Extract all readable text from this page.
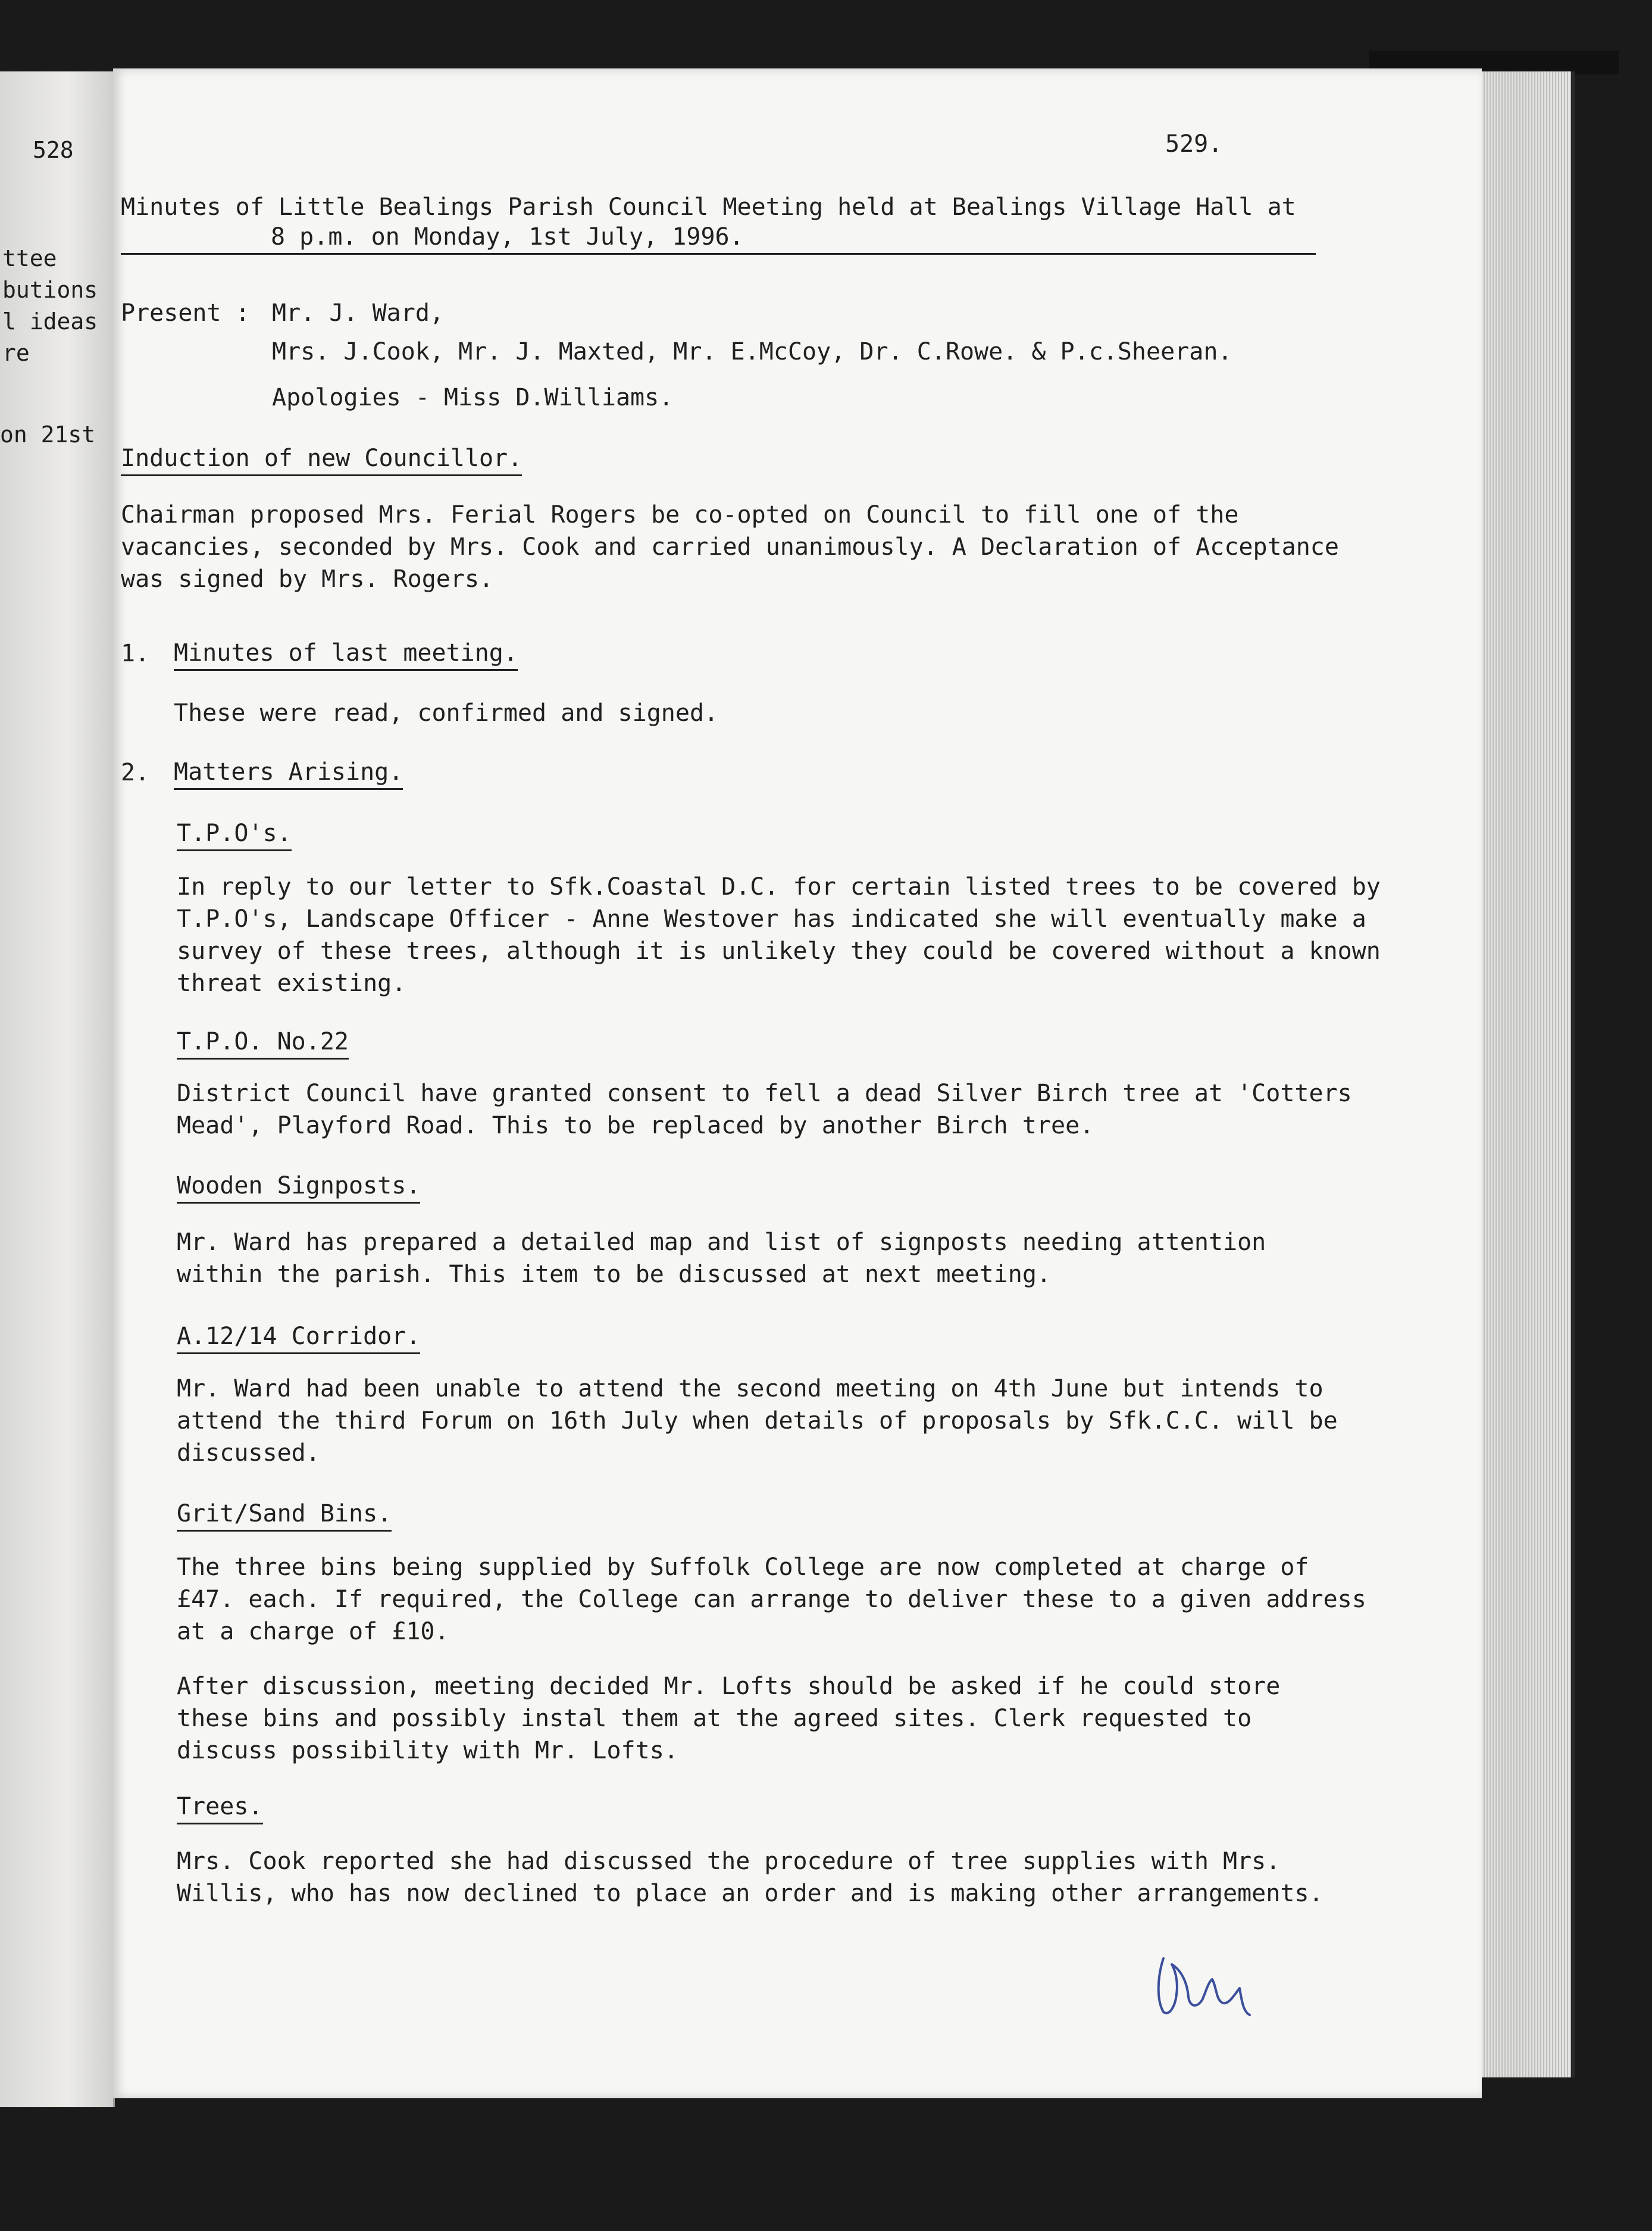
528
ttee
butions
l ideas
re
on 21st
529.
Minutes of Little Bealings Parish Council Meeting held at Bealings Village Hall at
8 p.m. on Monday, 1st July, 1996.
Present : Mr. J. Ward,
Mrs. J.Cook, Mr. J. Maxted, Mr. E.McCoy, Dr. C.Rowe. & P.c.Sheeran.
Apologies - Miss D.Williams.
Induction of new Councillor.
Chairman proposed Mrs. Ferial Rogers be co-opted on Council to fill one of the vacancies, seconded by Mrs. Cook and carried unanimously. A Declaration of Acceptance was signed by Mrs. Rogers.
1. Minutes of last meeting.
These were read, confirmed and signed.
2. Matters Arising.
T.P.O's.
In reply to our letter to Sfk.Coastal D.C. for certain listed trees to be covered by T.P.O's, Landscape Officer - Anne Westover has indicated she will eventually make a survey of these trees, although it is unlikely they could be covered without a known threat existing.
T.P.O. No.22
District Council have granted consent to fell a dead Silver Birch tree at 'Cotters Mead', Playford Road. This to be replaced by another Birch tree.
Wooden Signposts.
Mr. Ward has prepared a detailed map and list of signposts needing attention within the parish. This item to be discussed at next meeting.
A.12/14 Corridor.
Mr. Ward had been unable to attend the second meeting on 4th June but intends to attend the third Forum on 16th July when details of proposals by Sfk.C.C. will be discussed.
Grit/Sand Bins.
The three bins being supplied by Suffolk College are now completed at charge of £47. each. If required, the College can arrange to deliver these to a given address at a charge of £10.
After discussion, meeting decided Mr. Lofts should be asked if he could store these bins and possibly instal them at the agreed sites. Clerk requested to discuss possibility with Mr. Lofts.
Trees.
Mrs. Cook reported she had discussed the procedure of tree supplies with Mrs. Willis, who has now declined to place an order and is making other arrangements.
